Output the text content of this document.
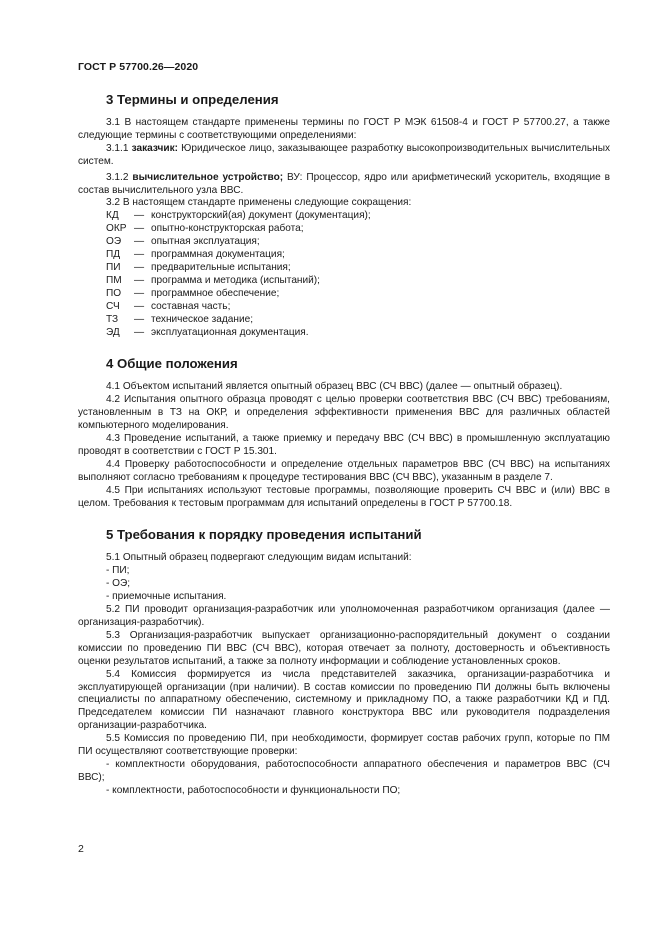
ГОСТ Р 57700.26—2020
3 Термины и определения

3.1 В настоящем стандарте применены термины по ГОСТ Р МЭК 61508-4 и ГОСТ Р 57700.27, а также следующие термины с соответствующими определениями:

3.1.1 заказчик: Юридическое лицо, заказывающее разработку высокопроизводительных вычислительных систем.

3.1.2 вычислительное устройство; ВУ: Процессор, ядро или арифметический ускоритель, входящие в состав вычислительного узла ВВС.

3.2 В настоящем стандарте применены следующие сокращения:

КД	— конструкторский(ая) документ (документация);
ОКР — опытно-конструкторская работа;
ОЭ	— опытная эксплуатация;
ПД	— программная документация;
ПИ	— предварительные испытания;
ПМ	— программа и методика (испытаний);
ПО	— программное обеспечение;
СЧ	— составная часть;
ТЗ	— техническое задание;
ЭД	— эксплуатационная документация.
4 Общие положения

4.1 Объектом испытаний является опытный образец ВВС (СЧ ВВС) (далее — опытный образец).

4.2 Испытания опытного образца проводят с целью проверки соответствия ВВС (СЧ ВВС) требованиям, установленным в ТЗ на ОКР, и определения эффективности применения ВВС для различных областей компьютерного моделирования.

4.3 Проведение испытаний, а также приемку и передачу ВВС (СЧ ВВС) в промышленную эксплуатацию проводят в соответствии с ГОСТ Р 15.301.

4.4 Проверку работоспособности и определение отдельных параметров ВВС (СЧ ВВС) на испытаниях выполняют согласно требованиям к процедуре тестирования ВВС (СЧ ВВС), указанным в разделе 7.

4.5 При испытаниях используют тестовые программы, позволяющие проверить СЧ ВВС и (или) ВВС в целом. Требования к тестовым программам для испытаний определены в ГОСТ Р 57700.18.

5 Требования к порядку проведения испытаний

5.1 Опытный образец подвергают следующим видам испытаний:

- ПИ;

- ОЭ;

- приемочные испытания.

5.2 ПИ проводит организация-разработчик или уполномоченная разработчиком организация (далее — организация-разработчик).

5.3 Организация-разработчик выпускает организационно-распорядительный документ о создании комиссии по проведению ПИ ВВС (СЧ ВВС), которая отвечает за полноту, достоверность и объективность оценки результатов испытаний, а также за полноту информации и соблюдение установленных сроков.

5.4 Комиссия формируется из числа представителей заказчика, организации-разработчика и эксплуатирующей организации (при наличии). В состав комиссии по проведению ПИ должны быть включены специалисты по аппаратному обеспечению, системному и прикладному ПО, а также разработчики КД и ПД. Председателем комиссии ПИ назначают главного конструктора ВВС или руководителя подразделения организации-разработчика.

5.5 Комиссия по проведению ПИ, при необходимости, формирует состав рабочих групп, которые по ПМ ПИ осуществляют соответствующие проверки:

- комплектности оборудования, работоспособности аппаратного обеспечения и параметров ВВС (СЧ ВВС);

- комплектности, работоспособности и функциональности ПО;

2
